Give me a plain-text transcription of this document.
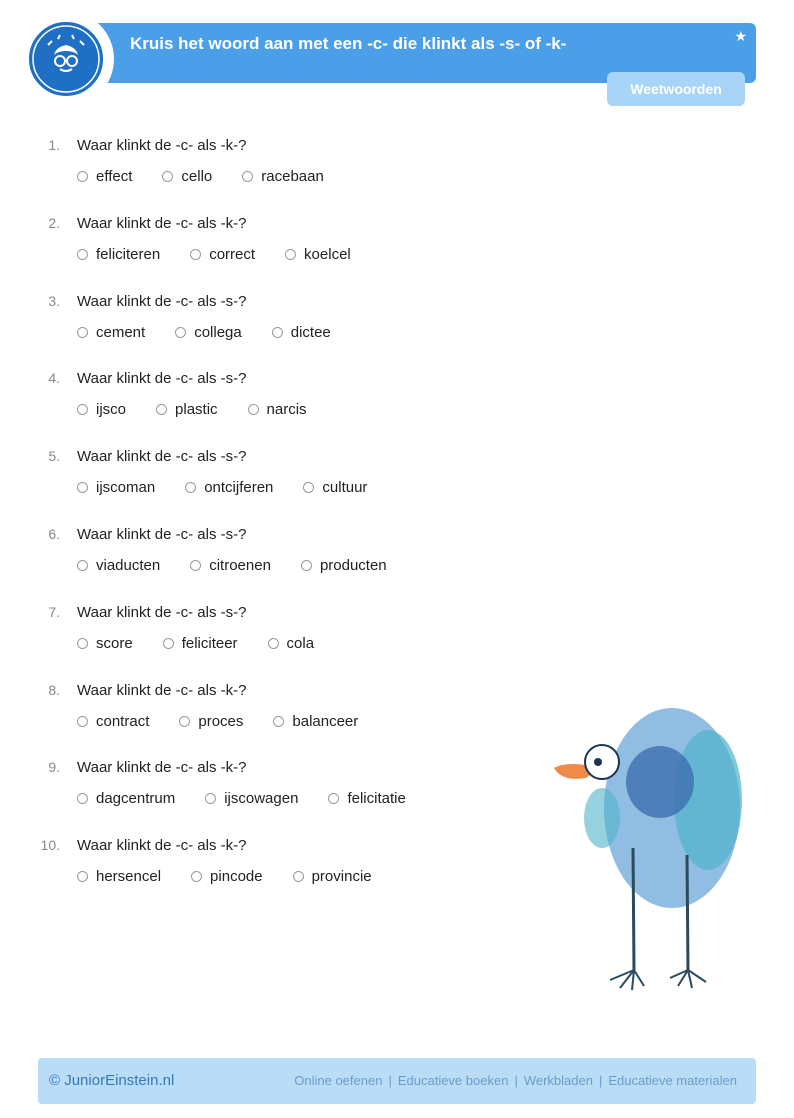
Kruis het woord aan met een -c- die klinkt als -s- of -k-	★
Weetwoorden
1. Waar klinkt de -c- als -k-?
effect	cello	racebaan
2. Waar klinkt de -c- als -k-?
feliciteren	correct	koelcel
3. Waar klinkt de -c- als -s-?
cement	collega	dictee
4. Waar klinkt de -c- als -s-?
ijsco	plastic	narcis
5. Waar klinkt de -c- als -s-?
ijscoman	ontcijferen	cultuur
6. Waar klinkt de -c- als -s-?
viaducten	citroenen	producten
7. Waar klinkt de -c- als -s-?
score	feliciteer	cola
8. Waar klinkt de -c- als -k-?
contract	proces	balanceer
9. Waar klinkt de -c- als -k-?
dagcentrum	ijscowagen	felicitatie
10. Waar klinkt de -c- als -k-?
hersencel	pincode	provincie
© JuniorEinstein.nl	Online oefenen | Educatieve boeken | Werkbladen | Educatieve materialen
